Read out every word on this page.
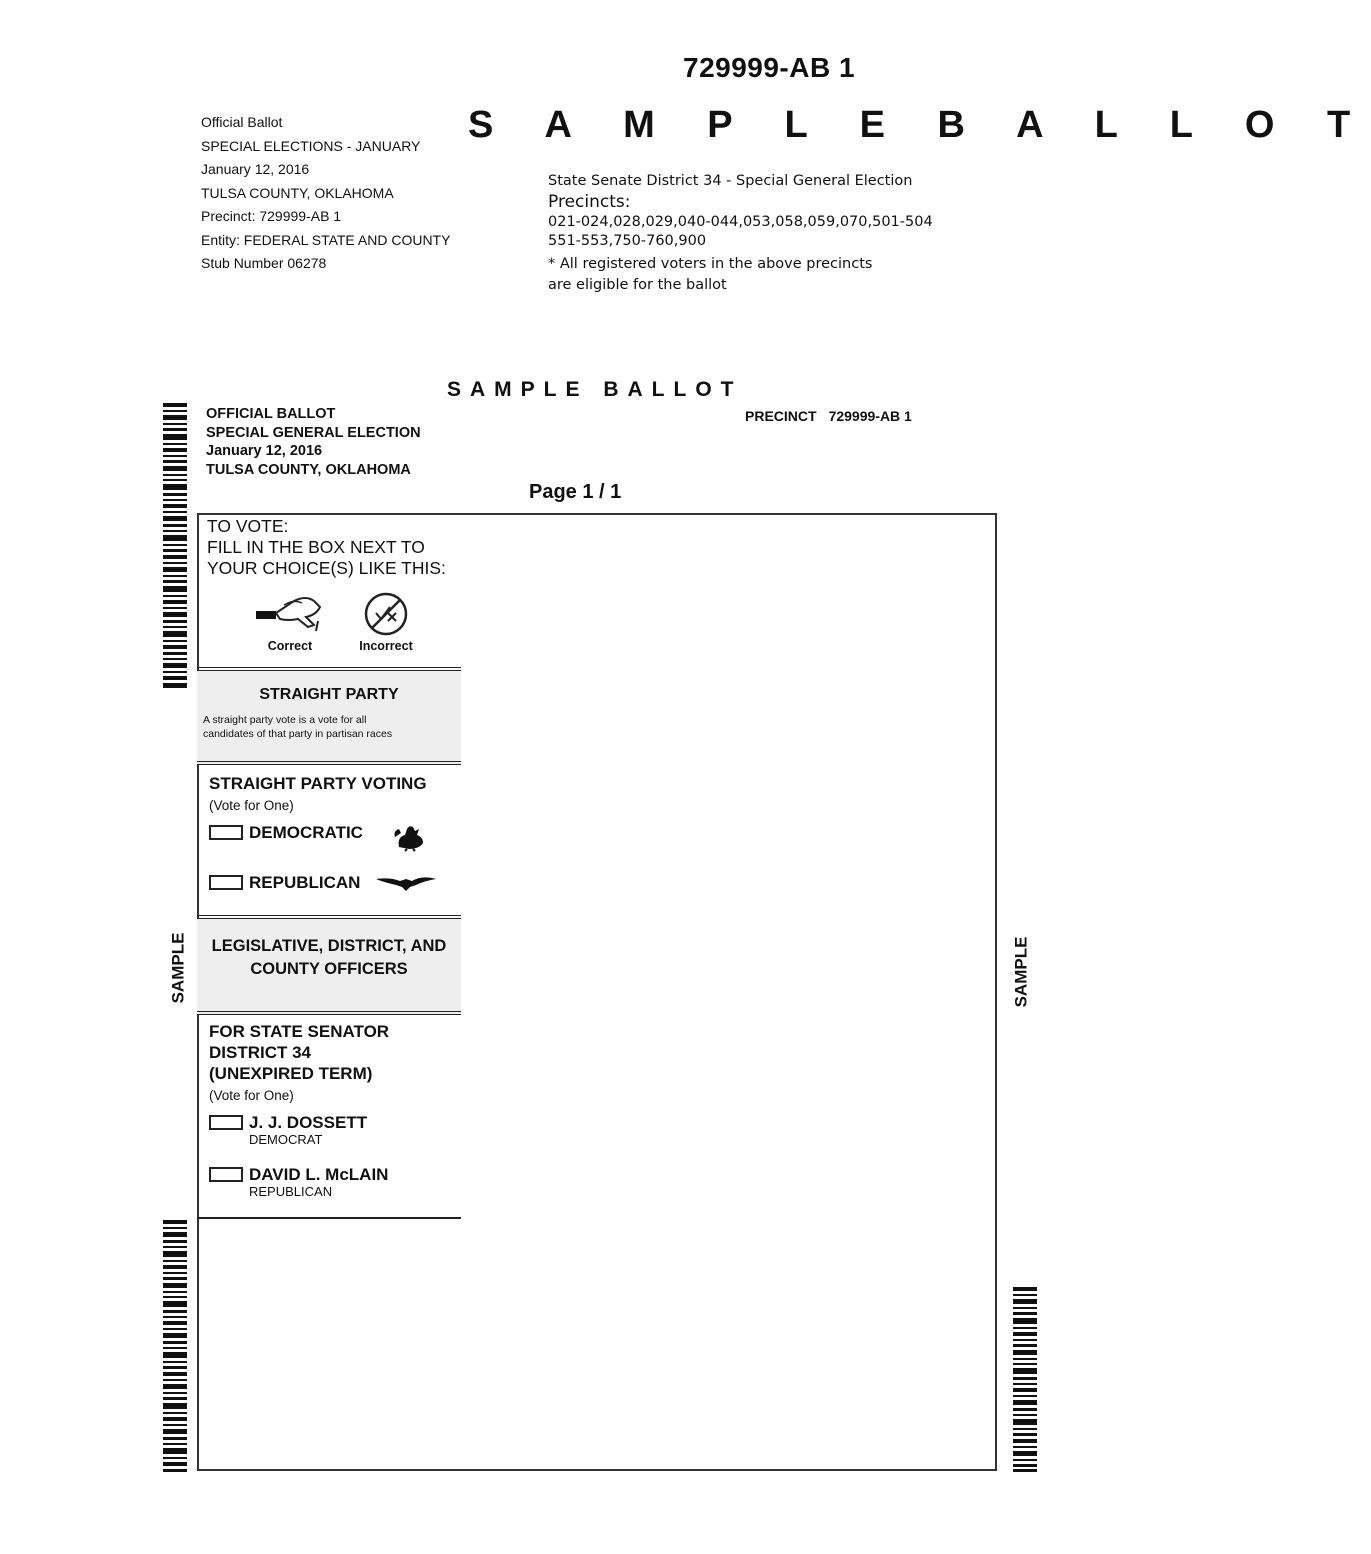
729999-AB 1
S A M P L E B A L L O T
Official Ballot
SPECIAL ELECTIONS - JANUARY
January 12, 2016
TULSA COUNTY, OKLAHOMA
Precinct: 729999-AB 1
Entity: FEDERAL STATE AND COUNTY
Stub Number 06278
State Senate District 34 - Special General Election
Precincts:
021-024,028,029,040-044,053,058,059,070,501-504
551-553,750-760,900
* All registered voters in the above precincts
are eligible for the ballot
SAMPLE BALLOT
OFFICIAL BALLOT
SPECIAL GENERAL ELECTION
January 12, 2016
TULSA COUNTY, OKLAHOMA
PRECINCT 729999-AB 1
Page 1 / 1
SAMPLE	SAMPLE
TO VOTE:
FILL IN THE BOX NEXT TO
YOUR CHOICE(S) LIKE THIS:
Correct	Incorrect
STRAIGHT PARTY
A straight party vote is a vote for all
candidates of that party in partisan races
STRAIGHT PARTY VOTING
(Vote for One)
DEMOCRATIC
REPUBLICAN
LEGISLATIVE, DISTRICT, AND
COUNTY OFFICERS
FOR STATE SENATOR
DISTRICT 34
(UNEXPIRED TERM)
(Vote for One)
J. J. DOSSETT
DEMOCRAT
DAVID L. McLAIN
REPUBLICAN
